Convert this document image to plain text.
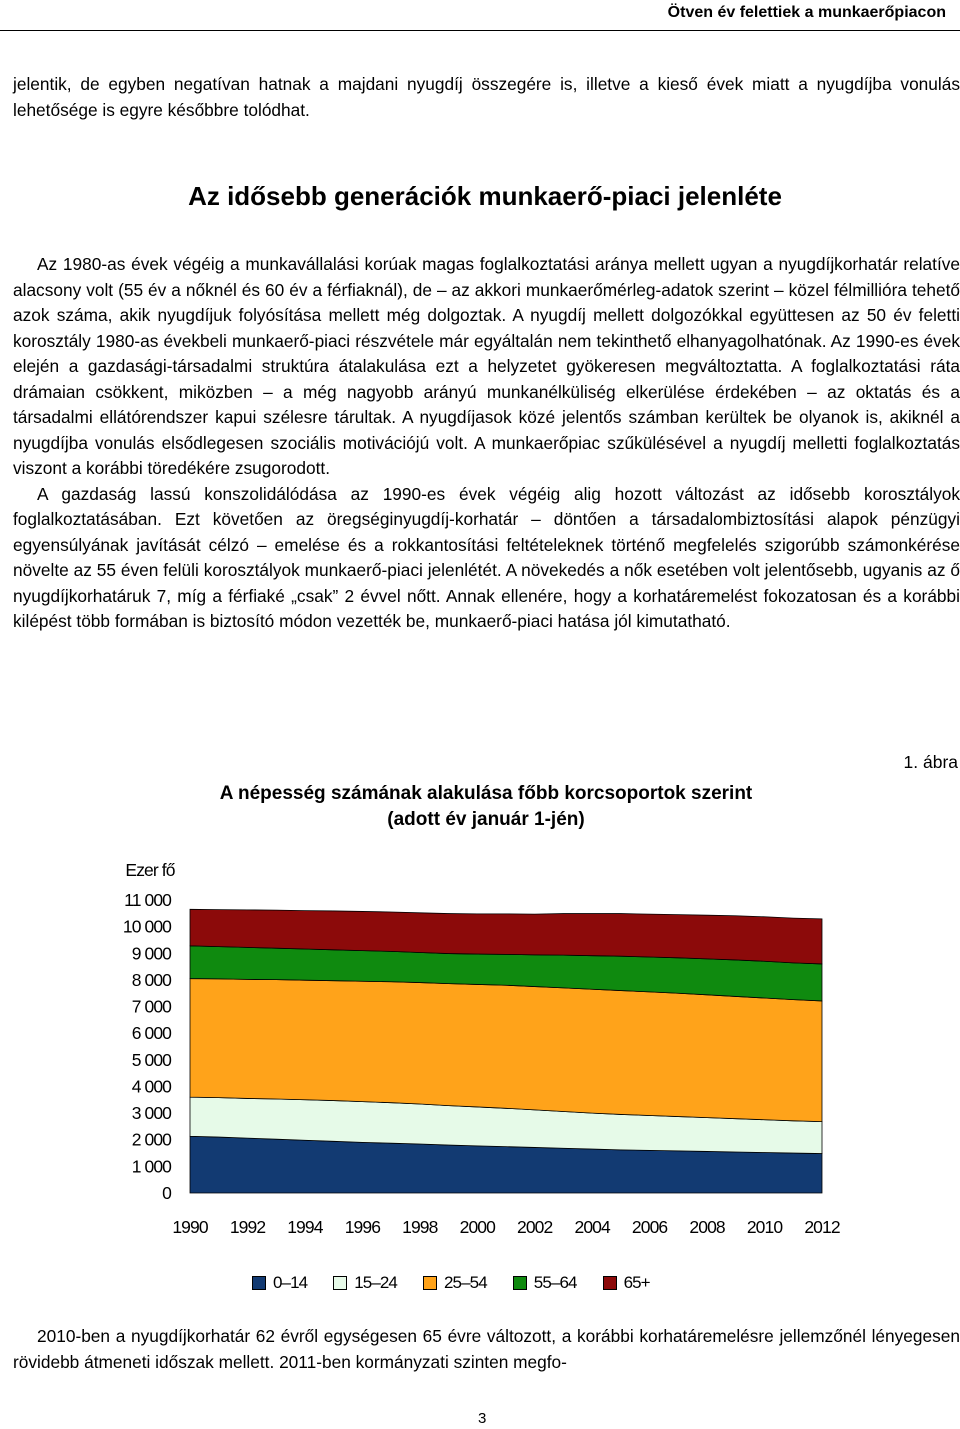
Ötven év felettiek a munkaerőpiacon

jelentik, de egyben negatívan hatnak a majdani nyugdíj összegére is, illetve a kieső évek miatt a nyugdíjba vonulás lehetősége is egyre későbbre tolódhat.

Az idősebb generációk munkaerő-piaci jelenléte

Az 1980-as évek végéig a munkavállalási korúak magas foglalkoztatási aránya mellett ugyan a nyugdíjkorhatár relatíve alacsony volt (55 év a nőknél és 60 év a férfiaknál), de – az akkori munkaerőmérleg-adatok szerint – közel félmillióra tehető azok száma, akik nyugdíjuk folyósítása mellett még dolgoztak. A nyugdíj mellett dolgozókkal együttesen az 50 év feletti korosztály 1980-as évekbeli munkaerő-piaci részvétele már egyáltalán nem tekinthető elhanyagolhatónak. Az 1990-es évek elején a gazdasági-társadalmi struktúra átalakulása ezt a helyzetet gyökeresen megváltoztatta. A foglalkoztatási ráta drámaian csökkent, miközben – a még nagyobb arányú munkanélküliség elkerülése érdekében – az oktatás és a társadalmi ellátórendszer kapui szélesre tárultak. A nyugdíjasok közé jelentős számban kerültek be olyanok is, akiknél a nyugdíjba vonulás elsődlegesen szociális motivációjú volt. A munkaerőpiac szűkülésével a nyugdíj melletti foglalkoztatás viszont a korábbi töredékére zsugorodott.

A gazdaság lassú konszolidálódása az 1990-es évek végéig alig hozott változást az idősebb korosztályok foglalkoztatásában. Ezt követően az öregséginyugdíj-korhatár – döntően a társadalombiztosítási alapok pénzügyi egyensúlyának javítását célzó – emelése és a rokkantosítási feltételeknek történő megfelelés szigorúbb számonkérése növelte az 55 éven felüli korosztályok munkaerő-piaci jelenlétét. A növekedés a nők esetében volt jelentősebb, ugyanis az ő nyugdíjkorhatáruk 7, míg a férfiaké „csak” 2 évvel nőtt. Annak ellenére, hogy a korhatáremelést fokozatosan és a korábbi kilépést több formában is biztosító módon vezették be, munkaerő-piaci hatása jól kimutatható.

1. ábra
A népesség számának alakulása főbb korcsoportok szerint
(adott év január 1-jén)
Ezer fő
0
1 000
2 000
3 000
4 000
5 000
6 000
7 000
8 000
9 000
10 000
11 000
1990 1992 1994 1996 1998 2000 2002 2004 2006 2008 2010 2012
0–14	15–24	25–54	55–64	65+

2010-ben a nyugdíjkorhatár 62 évről egységesen 65 évre változott, a korábbi korhatáremelésre jellemzőnél lényegesen rövidebb átmeneti időszak mellett. 2011-ben kormányzati szinten megfo-

3
